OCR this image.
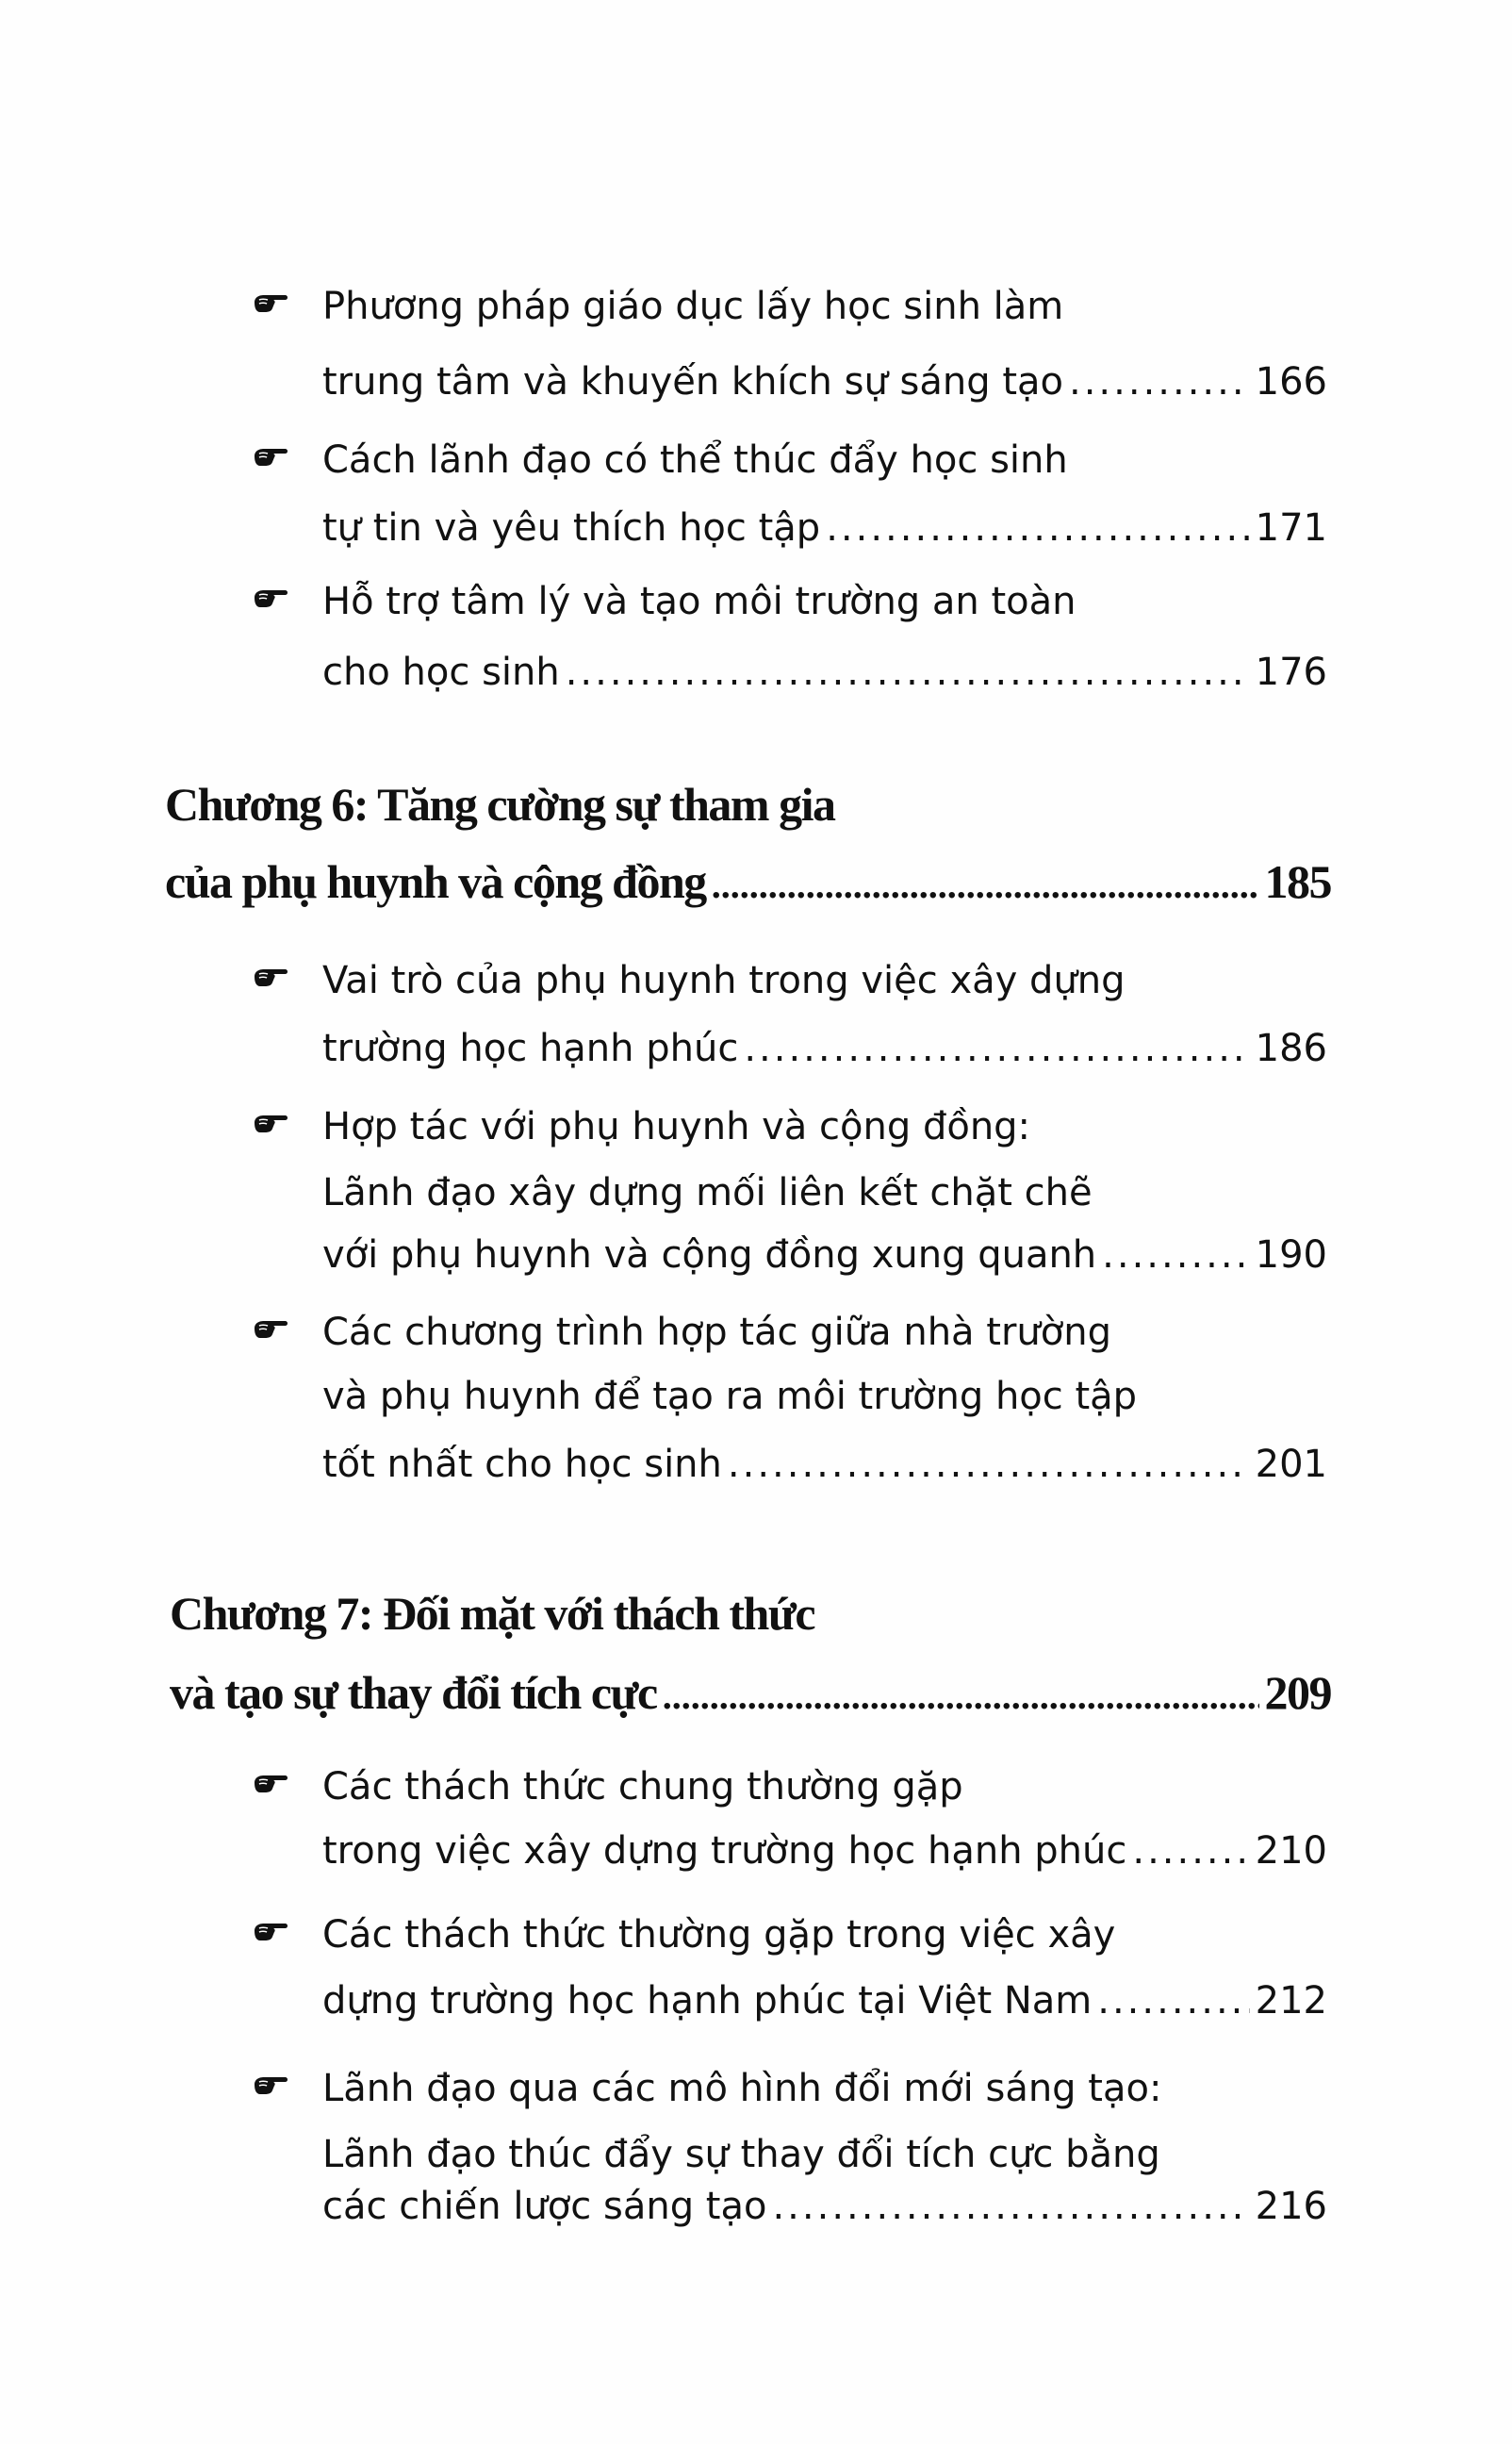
Phương pháp giáo dục lấy học sinh làm
trung tâm và khuyến khích sự sáng tạo .....	166
Cách lãnh đạo có thể thúc đẩy học sinh
tự tin và yêu thích học tập .....	171
Hỗ trợ tâm lý và tạo môi trường an toàn
cho học sinh .....	176
Chương 6: Tăng cường sự tham gia
của phụ huynh và cộng đồng .....	185
Vai trò của phụ huynh trong việc xây dựng
trường học hạnh phúc .....	186
Hợp tác với phụ huynh và cộng đồng:
Lãnh đạo xây dựng mối liên kết chặt chẽ
với phụ huynh và cộng đồng xung quanh .....	190
Các chương trình hợp tác giữa nhà trường
và phụ huynh để tạo ra môi trường học tập
tốt nhất cho học sinh .....	201
Chương 7: Đối mặt với thách thức
và tạo sự thay đổi tích cực .....	209
Các thách thức chung thường gặp
trong việc xây dựng trường học hạnh phúc .....	210
Các thách thức thường gặp trong việc xây
dựng trường học hạnh phúc tại Việt Nam .....	212
Lãnh đạo qua các mô hình đổi mới sáng tạo:
Lãnh đạo thúc đẩy sự thay đổi tích cực bằng
các chiến lược sáng tạo .....	216
